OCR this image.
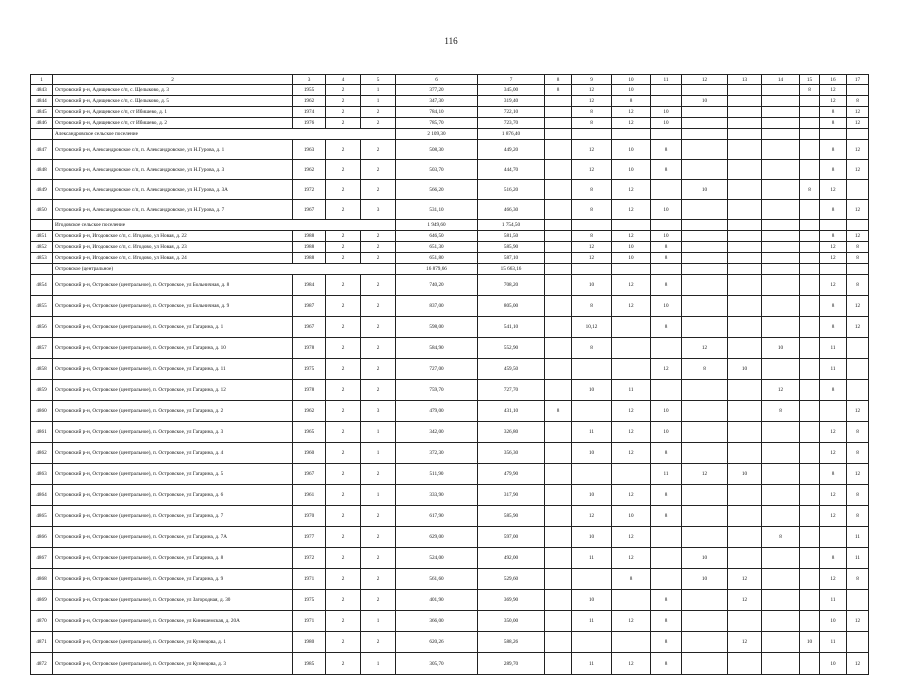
116
1	2	3	4	5	6	7	8	9	10	11	12	13	14	15	16	17
4843	Островский р-н, Адищевское с/п, с. Щелыково, д. 3	1955	2	1	377,20	345,00	8	12	10					8	12	
4844	Островский р-н, Адищевское с/п, с. Щелыково, д. 5	1962	2	1	347,30	319,40		12	8		10				12	8
4845	Островский р-н, Адищевское с/п, ст Ибишево, д. 1	1974	2	2	784,10	722,10		8	12	10					8	12
4846	Островский р-н, Адищевское с/п, ст Ибишево, д. 2	1976	2	2	785,70	723,70		8	12	10					8	12
	Александровское сельское поселение				2 109,30	1 876,40										
4847	Островский р-н, Александровское с/п, п. Александровское, ул Н.Гурова, д. 1	1963	2	2	508,30	449,20		12	10	8					8	12
4848	Островский р-н, Александровское с/п, п. Александровское, ул Н.Гурова, д. 3	1962	2	2	503,70	444,70		12	10	8					8	12
4849	Островский р-н, Александровское с/п, п. Александровское, ул Н.Гурова, д. 3А	1972	2	2	566,20	516,20		8	12		10			8	12	
4850	Островский р-н, Александровское с/п, п. Александровское, ул Н.Гурова, д. 7	1967	2	3	531,10	466,30		8	12	10					8	12
	Игодовское сельское поселение				1 949,60	1 754,50										
4851	Островский р-н, Игодовское с/п, с. Игодово, ул Новая, д. 22	1988	2	2	646,50	581,50		8	12	10					8	12
4852	Островский р-н, Игодовское с/п, с. Игодово, ул Новая, д. 23	1988	2	2	651,30	585,90		12	10	8					12	8
4853	Островский р-н, Игодовское с/п, с. Игодово, ул Новая, д. 24	1988	2	2	651,80	587,10		12	10	8					12	8
	Островское (центральное)				16 879,66	15 663,16										
4854	Островский р-н, Островское (центральное), п. Островское, ул Больничная, д. 8	1984	2	2	740,20	708,20		10	12	8					12	8
4855	Островский р-н, Островское (центральное), п. Островское, ул Больничная, д. 9	1987	2	2	837,00	805,00		8	12	10					8	12
4856	Островский р-н, Островское (центральное), п. Островское, ул Гагарина, д. 1	1967	2	2	598,00	541,10		10,12		8					8	12
4857	Островский р-н, Островское (центральное), п. Островское, ул Гагарина, д. 10	1978	2	2	584,90	552,90		8			12		10		11	
4858	Островский р-н, Островское (центральное), п. Островское, ул Гагарина, д. 11	1975	2	2	727,00	459,50				12	8	10			11	
4859	Островский р-н, Островское (центральное), п. Островское, ул Гагарина, д. 12	1978	2	2	759,70	727,70		10	11				12		8	
4860	Островский р-н, Островское (центральное), п. Островское, ул Гагарина, д. 2	1962	2	3	479,00	431,10	8		12	10			8			12
4861	Островский р-н, Островское (центральное), п. Островское, ул Гагарина, д. 3	1965	2	1	342,00	326,80		11	12	10					12	8
4862	Островский р-н, Островское (центральное), п. Островское, ул Гагарина, д. 4	1960	2	1	372,30	356,30		10	12	8					12	8
4863	Островский р-н, Островское (центральное), п. Островское, ул Гагарина, д. 5	1967	2	2	511,90	479,90				11	12	10			8	12
4864	Островский р-н, Островское (центральное), п. Островское, ул Гагарина, д. 6	1961	2	1	333,90	317,90		10	12	8					12	8
4865	Островский р-н, Островское (центральное), п. Островское, ул Гагарина, д. 7	1970	2	2	617,90	585,90		12	10	8					12	8
4866	Островский р-н, Островское (центральное), п. Островское, ул Гагарина, д. 7А	1977	2	2	629,00	597,00		10	12				8			11
4867	Островский р-н, Островское (центральное), п. Островское, ул Гагарина, д. 8	1972	2	2	524,00	492,00		11	12		10				8	11
4868	Островский р-н, Островское (центральное), п. Островское, ул Гагарина, д. 9	1971	2	2	561,60	529,60			8		10	12			12	8
4869	Островский р-н, Островское (центральное), п. Островское, ул Загородная, д. 30	1975	2	2	401,90	369,90		10		8		12			11	
4870	Островский р-н, Островское (центральное), п. Островское, ул Кинешемская, д. 20А	1971	2	1	366,00	350,00		11	12	8					10	12
4871	Островский р-н, Островское (центральное), п. Островское, ул Кузнецова, д. 1	1980	2	2	620,26	588,26				8		12		10	11	
4872	Островский р-н, Островское (центральное), п. Островское, ул Кузнецова, д. 3	1985	2	1	305,70	289,70		11	12	8					10	12
